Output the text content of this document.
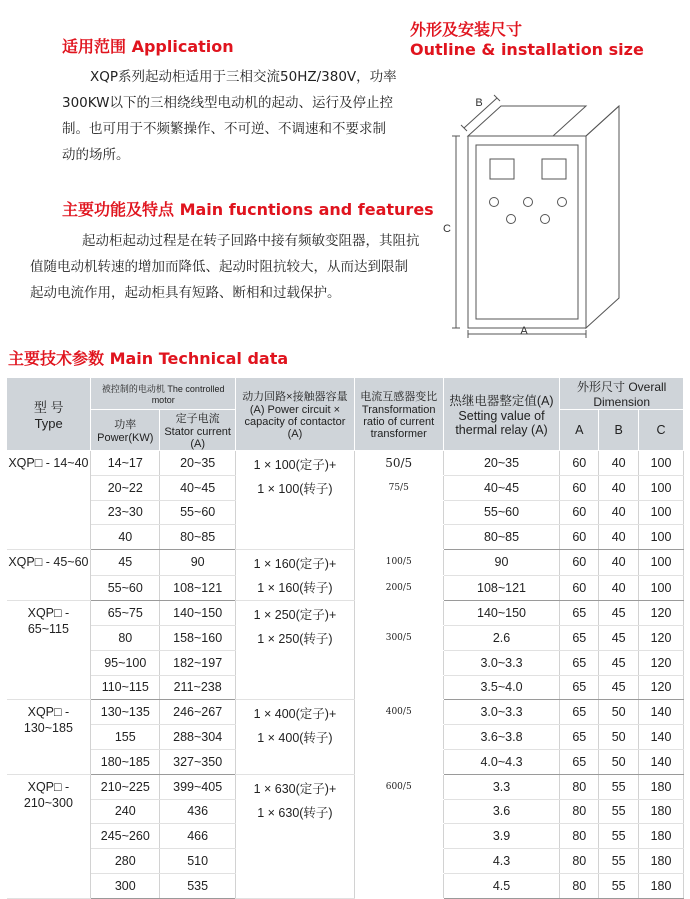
适用范围 Application
XQP系列起动柜适用于三相交流50HZ/380V，功率300KW以下的三相绕线型电动机的起动、运行及停止控制。也可用于不频繁操作、不可逆、不调速和不要求制动的场所。
主要功能及特点 Main fucntions and features
起动柜起动过程是在转子回路中接有频敏变阻器，其阻抗值随电动机转速的增加而降低、起动时阻抗较大，从而达到限制起动电流作用，起动柜具有短路、断相和过载保护。
外形及安装尺寸
Outline & installation size
A
B
C
主要技术参数 Main Technical data
型 号
Type	被控制的电动机 The controlled motor		动力回路×接触器容量(A) Power circuit × capacity of contactor (A)	电流互感器变比 Transformation ratio of current transformer	热继电器整定值(A) Setting value of thermal relay (A)	外形尺寸 Overall Dimension		
	功率 Power(KW)	定子电流 Stator current (A)				A	B	C
XQP□ - 14~40	14~17	20~35	1 × 100(定子)+
1 × 100(转子)	50/5	20~35	60	40	100
	20~22	40~45		75/5	40~45	60	40	100
	23~30	55~60			55~60	60	40	100
	40	80~85			80~85	60	40	100
XQP□ - 45~60	45	90	1 × 160(定子)+
1 × 160(转子)	100/5	90	60	40	100
	55~60	108~121		200/5	108~121	60	40	100
XQP□ - 65~115	65~75	140~150	1 × 250(定子)+
1 × 250(转子)		140~150	65	45	120
	80	158~160		300/5	2.6	65	45	120
	95~100	182~197			3.0~3.3	65	45	120
	110~115	211~238			3.5~4.0	65	45	120
XQP□ - 130~185	130~135	246~267	1 × 400(定子)+
1 × 400(转子)	400/5	3.0~3.3	65	50	140
	155	288~304			3.6~3.8	65	50	140
	180~185	327~350			4.0~4.3	65	50	140
XQP□ - 210~300	210~225	399~405	1 × 630(定子)+
1 × 630(转子)	600/5	3.3	80	55	180
	240	436			3.6	80	55	180
	245~260	466			3.9	80	55	180
	280	510			4.3	80	55	180
	300	535			4.5	80	55	180
